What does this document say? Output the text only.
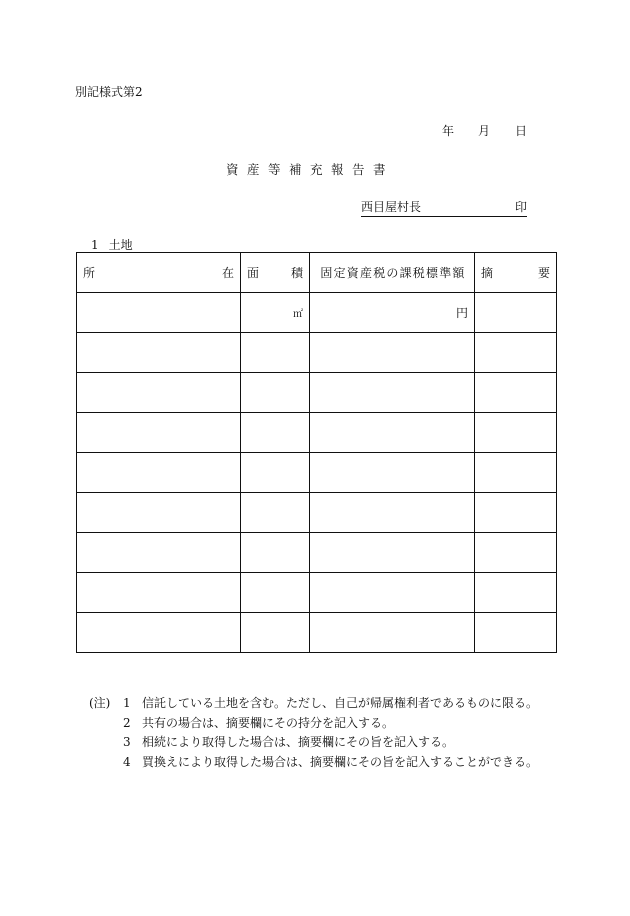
別記様式第2
年 月 日
資産等補充報告書
西目屋村長	印
1 土地
所 在	面 積	固定資産税の課税標準額	摘 要

	㎡	円	

(注)	1 信託している土地を含む。ただし、自己が帰属権利者であるものに限る。
2 共有の場合は、摘要欄にその持分を記入する。
3 相続により取得した場合は、摘要欄にその旨を記入する。
4 買換えにより取得した場合は、摘要欄にその旨を記入することができる。
